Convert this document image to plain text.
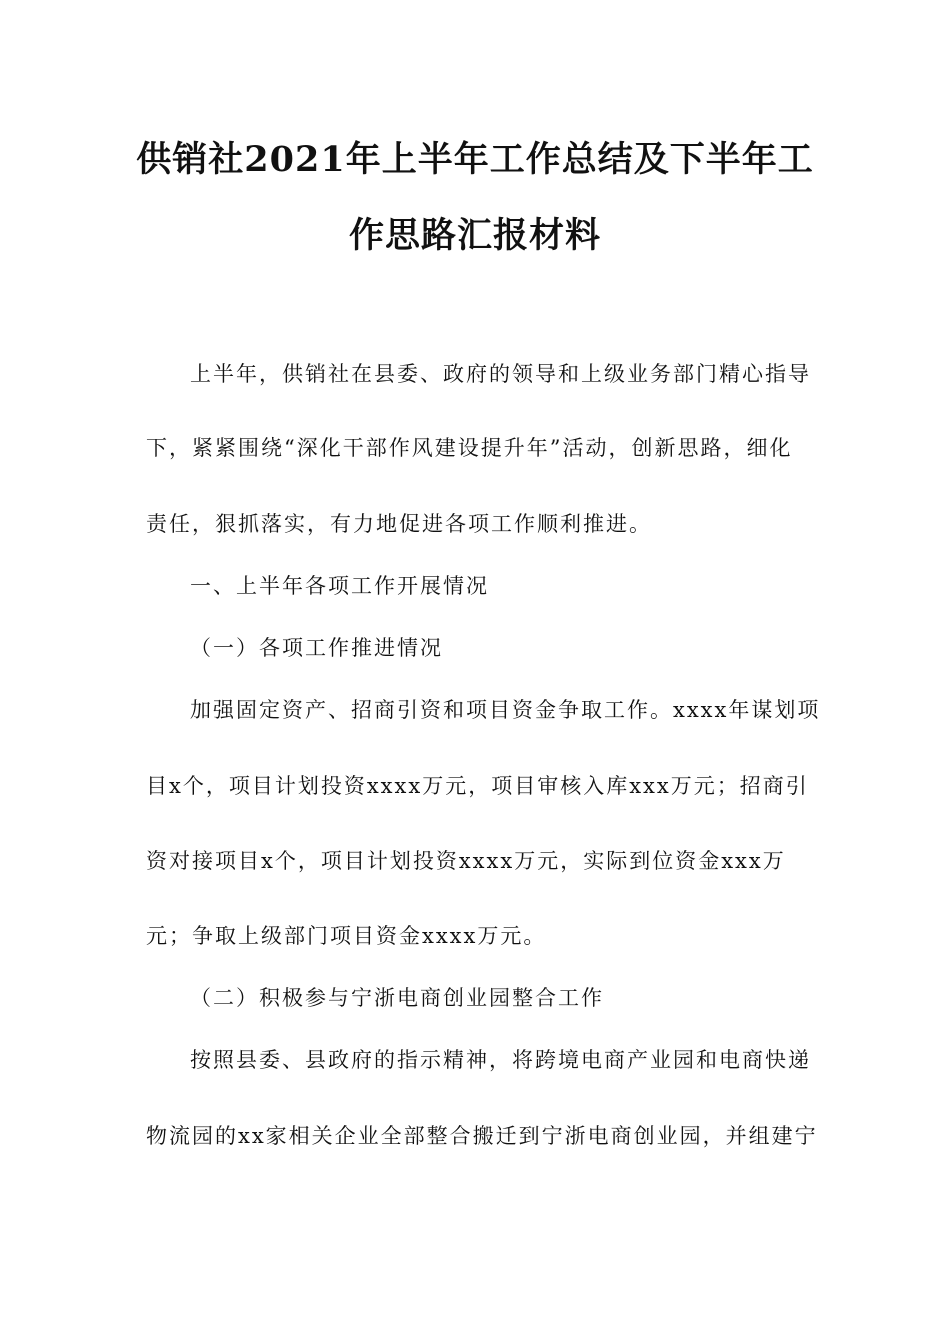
供销社2021年上半年工作总结及下半年工
作思路汇报材料
上半年，供销社在县委、政府的领导和上级业务部门精心指导
下，紧紧围绕“深化干部作风建设提升年”活动，创新思路，细化
责任，狠抓落实，有力地促进各项工作顺利推进。
一、上半年各项工作开展情况
（一）各项工作推进情况
加强固定资产、招商引资和项目资金争取工作。xxxx年谋划项
目x个，项目计划投资xxxx万元，项目审核入库xxx万元；招商引
资对接项目x个，项目计划投资xxxx万元，实际到位资金xxx万
元；争取上级部门项目资金xxxx万元。
（二）积极参与宁浙电商创业园整合工作
按照县委、县政府的指示精神，将跨境电商产业园和电商快递
物流园的xx家相关企业全部整合搬迁到宁浙电商创业园，并组建宁
